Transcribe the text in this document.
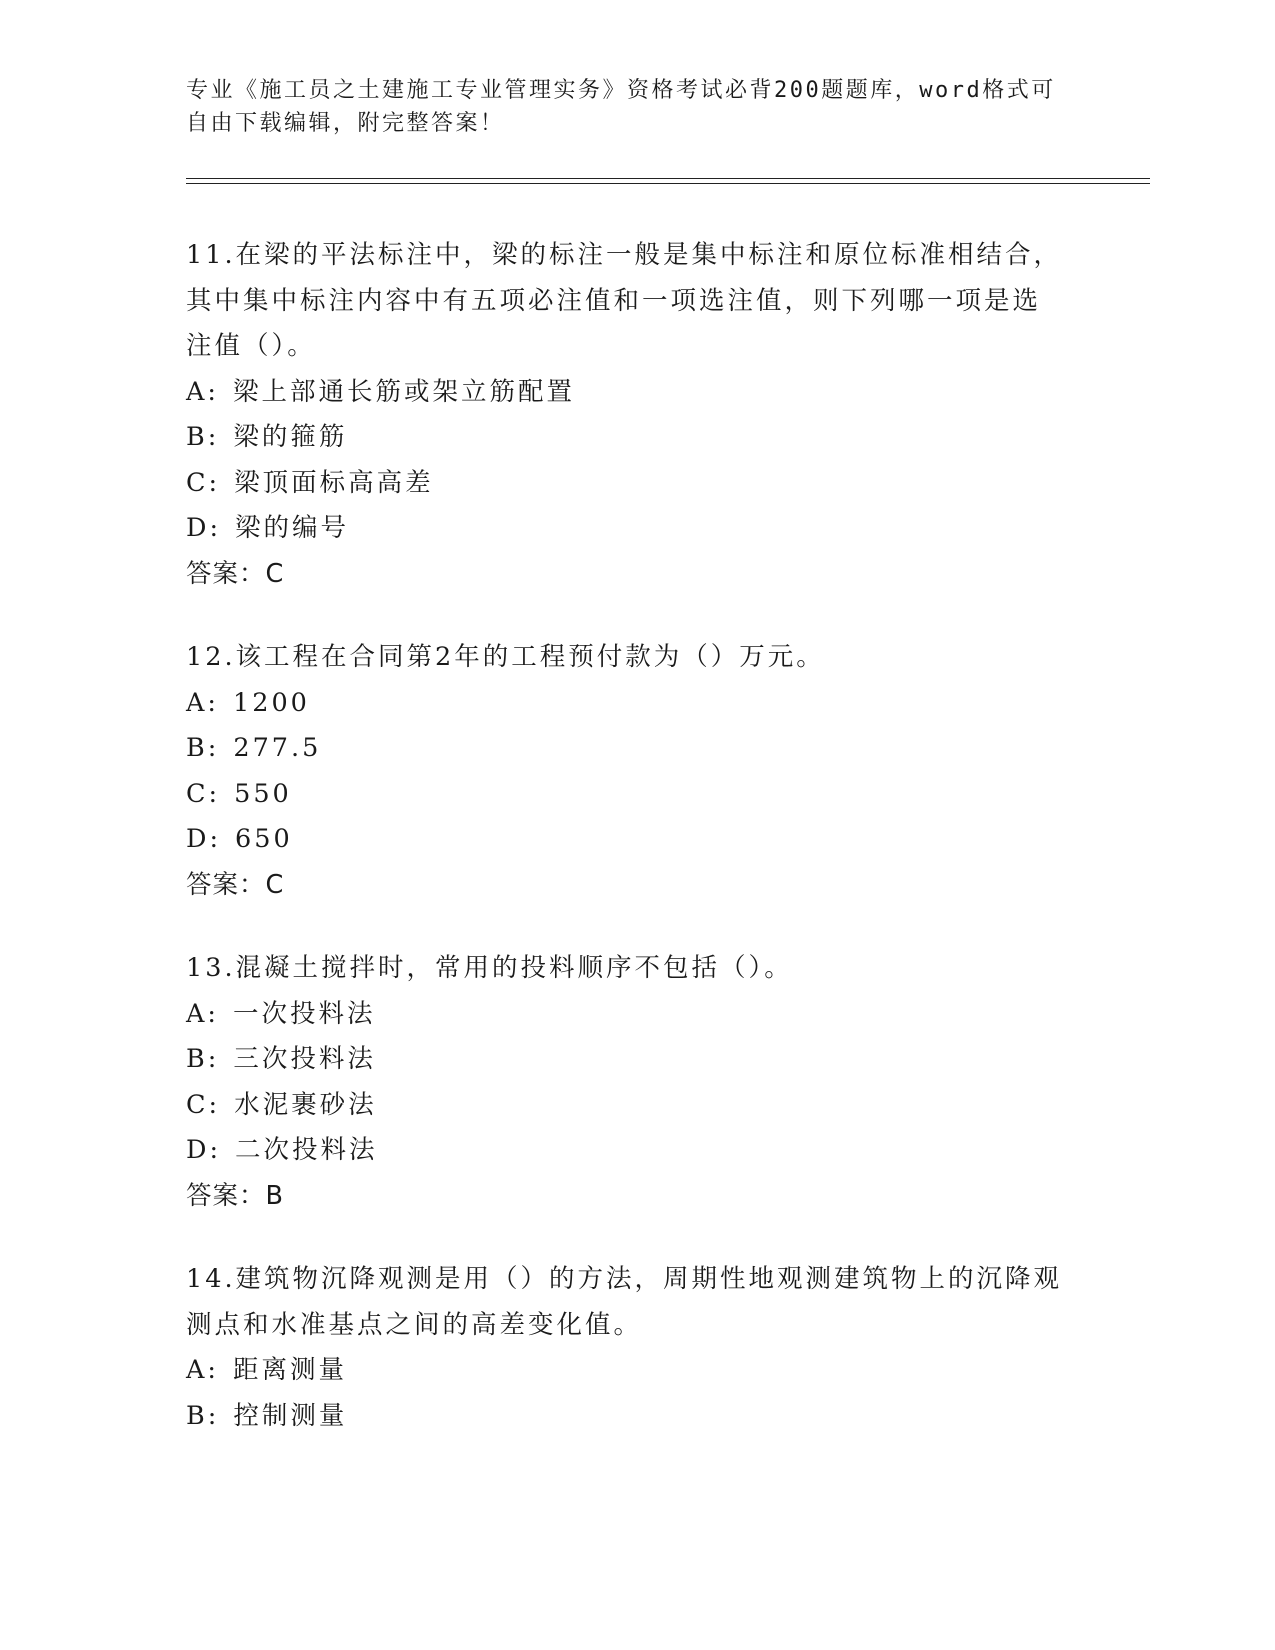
专业《施工员之土建施工专业管理实务》资格考试必背200题题库，word格式可
自由下载编辑，附完整答案！
11.在梁的平法标注中，梁的标注一般是集中标注和原位标准相结合，
其中集中标注内容中有五项必注值和一项选注值，则下列哪一项是选
注值（）。
A: 梁上部通长筋或架立筋配置
B: 梁的箍筋
C: 梁顶面标高高差
D: 梁的编号
答案：C
12.该工程在合同第2年的工程预付款为（）万元。
A: 1200
B: 277.5
C: 550
D: 650
答案：C
13.混凝土搅拌时，常用的投料顺序不包括（）。
A: 一次投料法
B: 三次投料法
C: 水泥裹砂法
D: 二次投料法
答案：B
14.建筑物沉降观测是用（）的方法，周期性地观测建筑物上的沉降观
测点和水准基点之间的高差变化值。
A: 距离测量
B: 控制测量
